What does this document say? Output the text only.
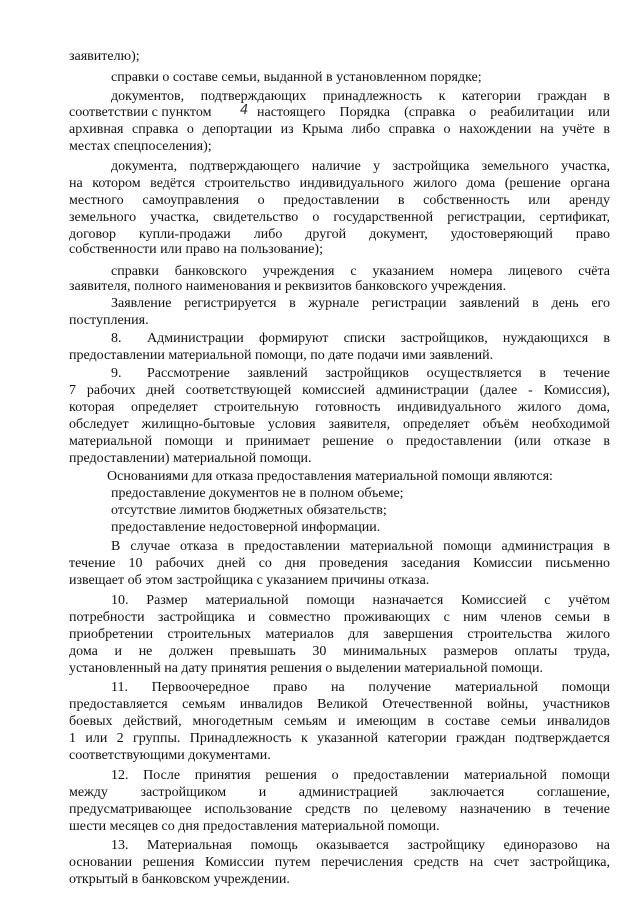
заявителю);
справки о составе семьи, выданной в установленном порядке;
документов, подтверждающих принадлежность к категории граждан в
соответствии с пунктом 4 настоящего Порядка (справка о реабилитации или
архивная справка о депортации из Крыма либо справка о нахождении на учёте в
местах спецпоселения);
документа, подтверждающего наличие у застройщика земельного участка,
на котором ведётся строительство индивидуального жилого дома (решение органа
местного самоуправления о предоставлении в собственность или аренду
земельного участка, свидетельство о государственной регистрации, сертификат,
договор купли-продажи либо другой документ, удостоверяющий право
собственности или право на пользование);
справки банковского учреждения с указанием номера лицевого счёта
заявителя, полного наименования и реквизитов банковского учреждения.
Заявление регистрируется в журнале регистрации заявлений в день его
поступления.
8. Администрации формируют списки застройщиков, нуждающихся в
предоставлении материальной помощи, по дате подачи ими заявлений.
9. Рассмотрение заявлений застройщиков осуществляется в течение
7 рабочих дней соответствующей комиссией администрации (далее - Комиссия),
которая определяет строительную готовность индивидуального жилого дома,
обследует жилищно-бытовые условия заявителя, определяет объём необходимой
материальной помощи и принимает решение о предоставлении (или отказе в
предоставлении) материальной помощи.
Основаниями для отказа предоставления материальной помощи являются:
предоставление документов не в полном объеме;
отсутствие лимитов бюджетных обязательств;
предоставление недостоверной информации.
В случае отказа в предоставлении материальной помощи администрация в
течение 10 рабочих дней со дня проведения заседания Комиссии письменно
извещает об этом застройщика с указанием причины отказа.
10. Размер материальной помощи назначается Комиссией с учётом
потребности застройщика и совместно проживающих с ним членов семьи в
приобретении строительных материалов для завершения строительства жилого
дома и не должен превышать 30 минимальных размеров оплаты труда,
установленный на дату принятия решения о выделении материальной помощи.
11. Первоочередное право на получение материальной помощи
предоставляется семьям инвалидов Великой Отечественной войны, участников
боевых действий, многодетным семьям и имеющим в составе семьи инвалидов
1 или 2 группы. Принадлежность к указанной категории граждан подтверждается
соответствующими документами.
12. После принятия решения о предоставлении материальной помощи
между застройщиком и администрацией заключается соглашение,
предусматривающее использование средств по целевому назначению в течение
шести месяцев со дня предоставления материальной помощи.
13. Материальная помощь оказывается застройщику единоразово на
основании решения Комиссии путем перечисления средств на счет застройщика,
открытый в банковском учреждении.
